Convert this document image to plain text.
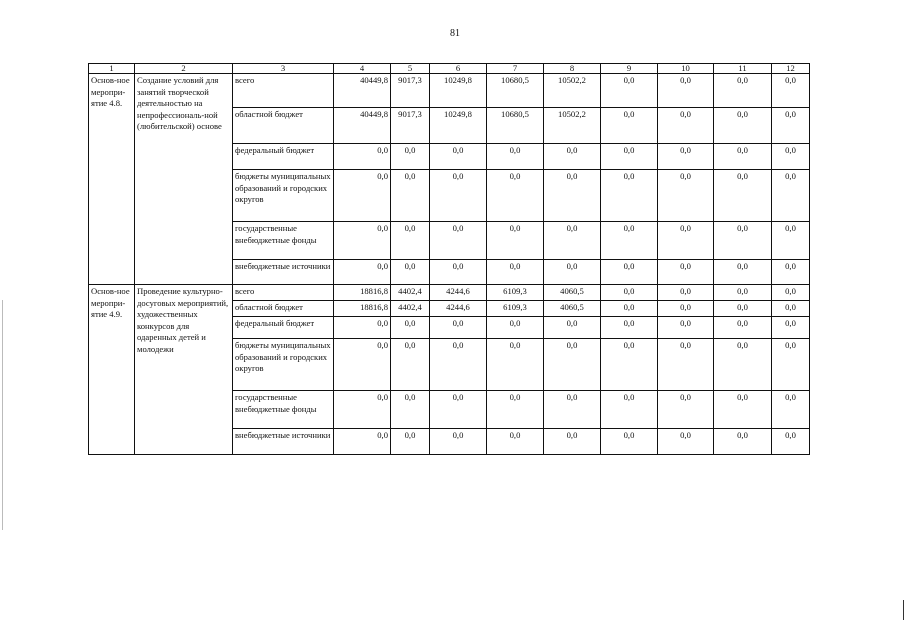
81
1	2	3	4	5	6	7	8	9	10	11	12
Основ-ное меропри-ятие 4.8.	Создание условий для занятий творческой деятельностью на непрофессиональ-ной (любительской) основе	всего	40449,8	9017,3	10249,8	10680,5	10502,2	0,0	0,0	0,0	0,0
		областной бюджет	40449,8	9017,3	10249,8	10680,5	10502,2	0,0	0,0	0,0	0,0
		федеральный бюджет	0,0	0,0	0,0	0,0	0,0	0,0	0,0	0,0	0,0
		бюджеты муниципальных образований и городских округов	0,0	0,0	0,0	0,0	0,0	0,0	0,0	0,0	0,0
		государственные внебюджетные фонды	0,0	0,0	0,0	0,0	0,0	0,0	0,0	0,0	0,0
		внебюджетные источники	0,0	0,0	0,0	0,0	0,0	0,0	0,0	0,0	0,0
Основ-ное меропри-ятие 4.9.	Проведение культурно-досуговых мероприятий, художественных конкурсов для одаренных детей и молодежи	всего	18816,8	4402,4	4244,6	6109,3	4060,5	0,0	0,0	0,0	0,0
		областной бюджет	18816,8	4402,4	4244,6	6109,3	4060,5	0,0	0,0	0,0	0,0
		федеральный бюджет	0,0	0,0	0,0	0,0	0,0	0,0	0,0	0,0	0,0
		бюджеты муниципальных образований и городских округов	0,0	0,0	0,0	0,0	0,0	0,0	0,0	0,0	0,0
		государственные внебюджетные фонды	0,0	0,0	0,0	0,0	0,0	0,0	0,0	0,0	0,0
		внебюджетные источники	0,0	0,0	0,0	0,0	0,0	0,0	0,0	0,0	0,0
